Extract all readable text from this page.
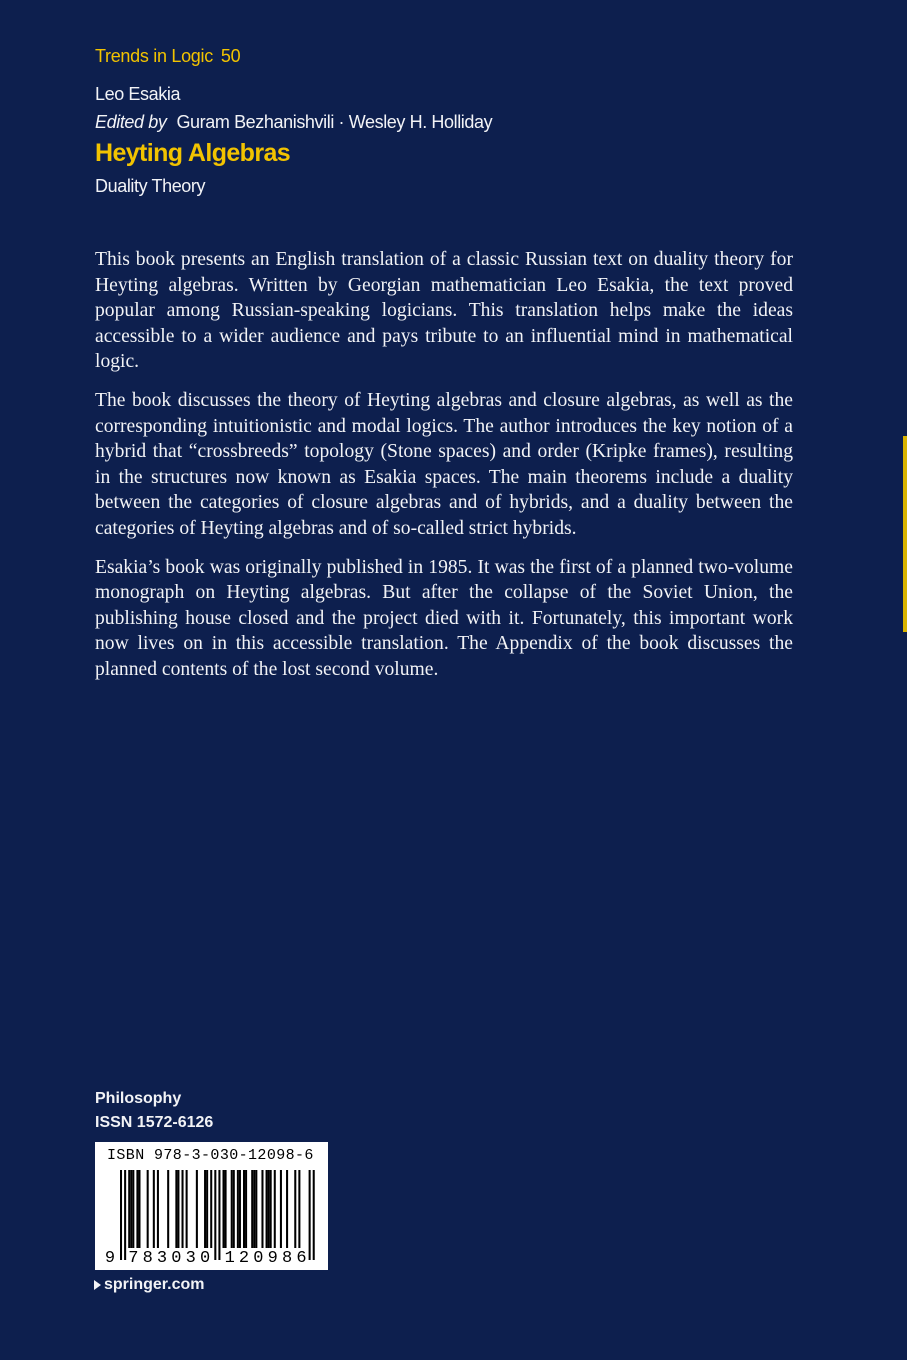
Trends in Logic 50
Leo Esakia
Edited by Guram Bezhanishvili · Wesley H. Holliday
Heyting Algebras
Duality Theory

This book presents an English translation of a classic Russian text on duality theory for Heyting algebras. Written by Georgian mathematician Leo Esakia, the text proved popular among Russian-speaking logicians. This translation helps make the ideas accessible to a wider audience and pays tribute to an influential mind in mathematical logic.

The book discusses the theory of Heyting algebras and closure algebras, as well as the corresponding intuitionistic and modal logics. The author introduces the key notion of a hybrid that “crossbreeds” topology (Stone spaces) and order (Kripke frames), resulting in the structures now known as Esakia spaces. The main theorems include a duality between the categories of closure algebras and of hybrids, and a duality between the categories of Heyting algebras and of so-called strict hybrids.

Esakia’s book was originally published in 1985. It was the first of a planned two-volume monograph on Heyting algebras. But after the collapse of the Soviet Union, the publishing house closed and the project died with it. Fortunately, this important work now lives on in this accessible translation. The Appendix of the book discusses the planned contents of the lost second volume.

Philosophy
ISSN 1572-6126
ISBN 978-3-030-12098-6
9 7 8 3 0 3 0 1 2 0 9 8 6
springer.com
